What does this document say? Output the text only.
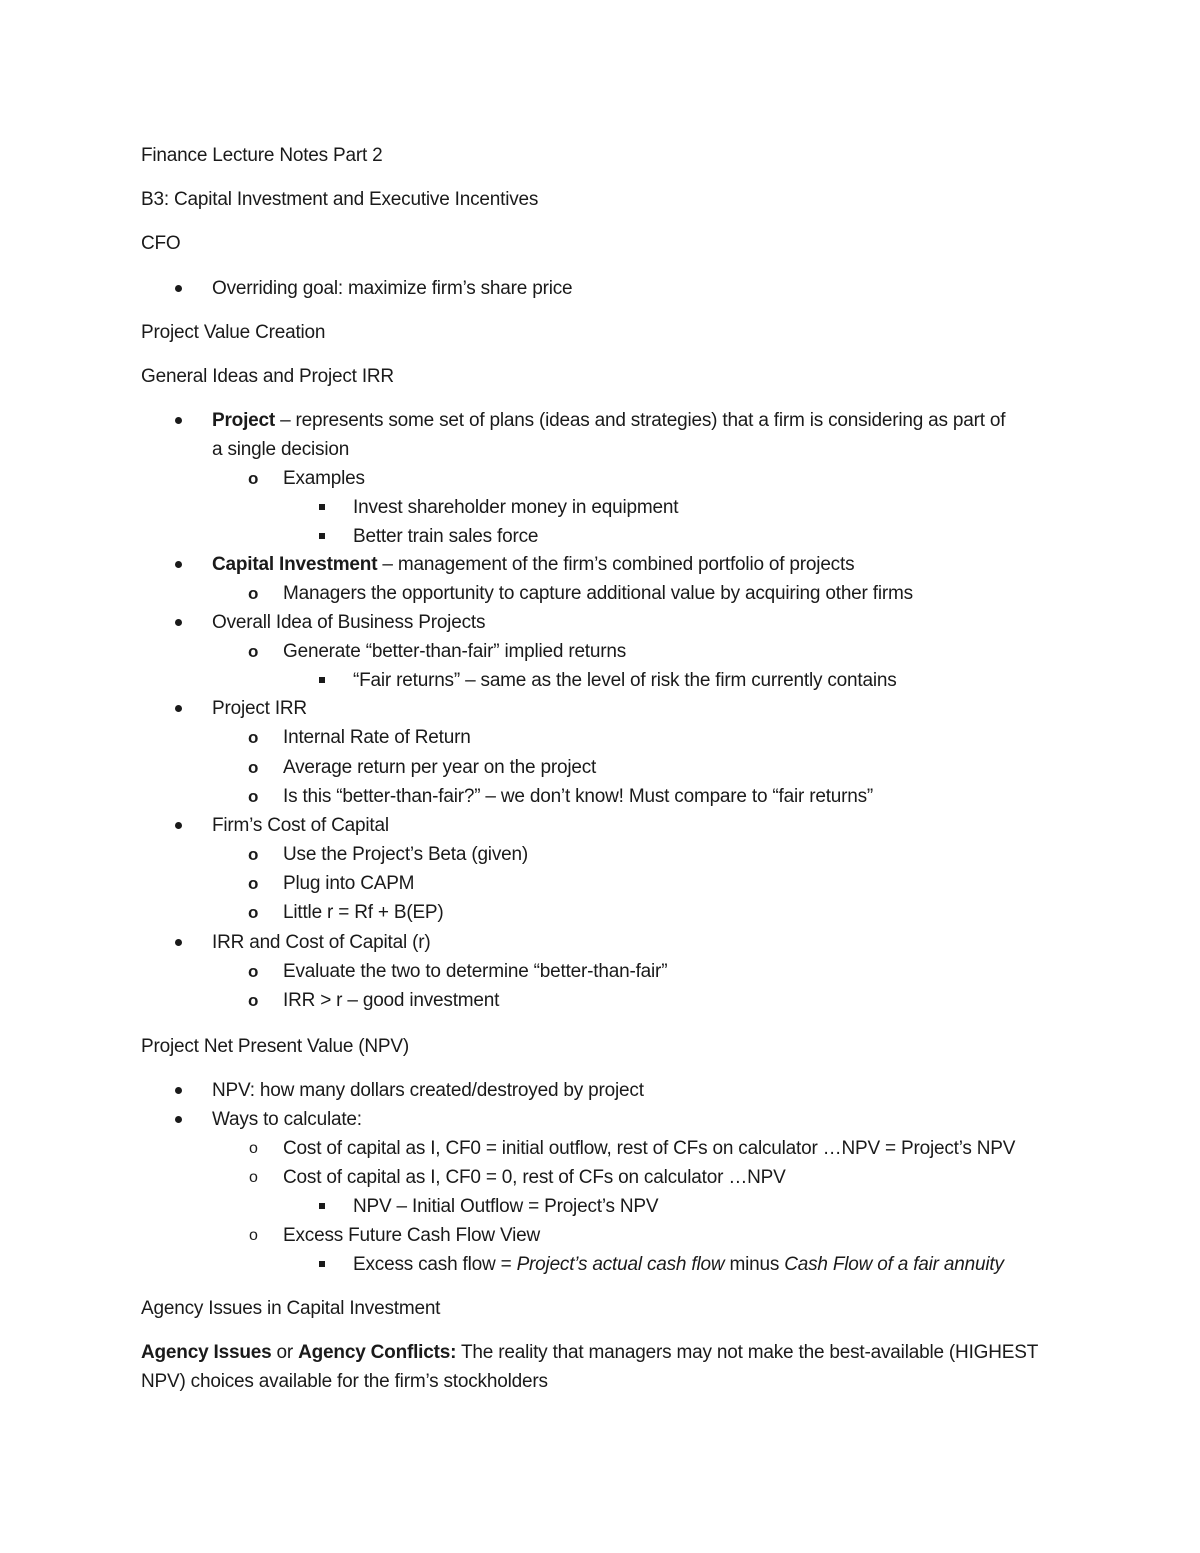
Finance Lecture Notes Part 2
B3: Capital Investment and Executive Incentives
CFO
Overriding goal: maximize firm’s share price
Project Value Creation
General Ideas and Project IRR
Project – represents some set of plans (ideas and strategies) that a firm is considering as part of
a single decision
o Examples
Invest shareholder money in equipment
Better train sales force
Capital Investment – management of the firm’s combined portfolio of projects
o Managers the opportunity to capture additional value by acquiring other firms
Overall Idea of Business Projects
o Generate “better-than-fair” implied returns
“Fair returns” – same as the level of risk the firm currently contains
Project IRR
o Internal Rate of Return
o Average return per year on the project
o Is this “better-than-fair?” – we don’t know! Must compare to “fair returns”
Firm’s Cost of Capital
o Use the Project’s Beta (given)
o Plug into CAPM
o Little r = Rf + B(EP)
IRR and Cost of Capital (r)
o Evaluate the two to determine “better-than-fair”
o IRR > r – good investment
Project Net Present Value (NPV)
NPV: how many dollars created/destroyed by project
Ways to calculate:
o Cost of capital as I, CF0 = initial outflow, rest of CFs on calculator …NPV = Project’s NPV
o Cost of capital as I, CF0 = 0, rest of CFs on calculator …NPV
NPV – Initial Outflow = Project’s NPV
o Excess Future Cash Flow View
Excess cash flow = Project’s actual cash flow minus Cash Flow of a fair annuity
Agency Issues in Capital Investment
Agency Issues or Agency Conflicts: The reality that managers may not make the best-available (HIGHEST
NPV) choices available for the firm’s stockholders
